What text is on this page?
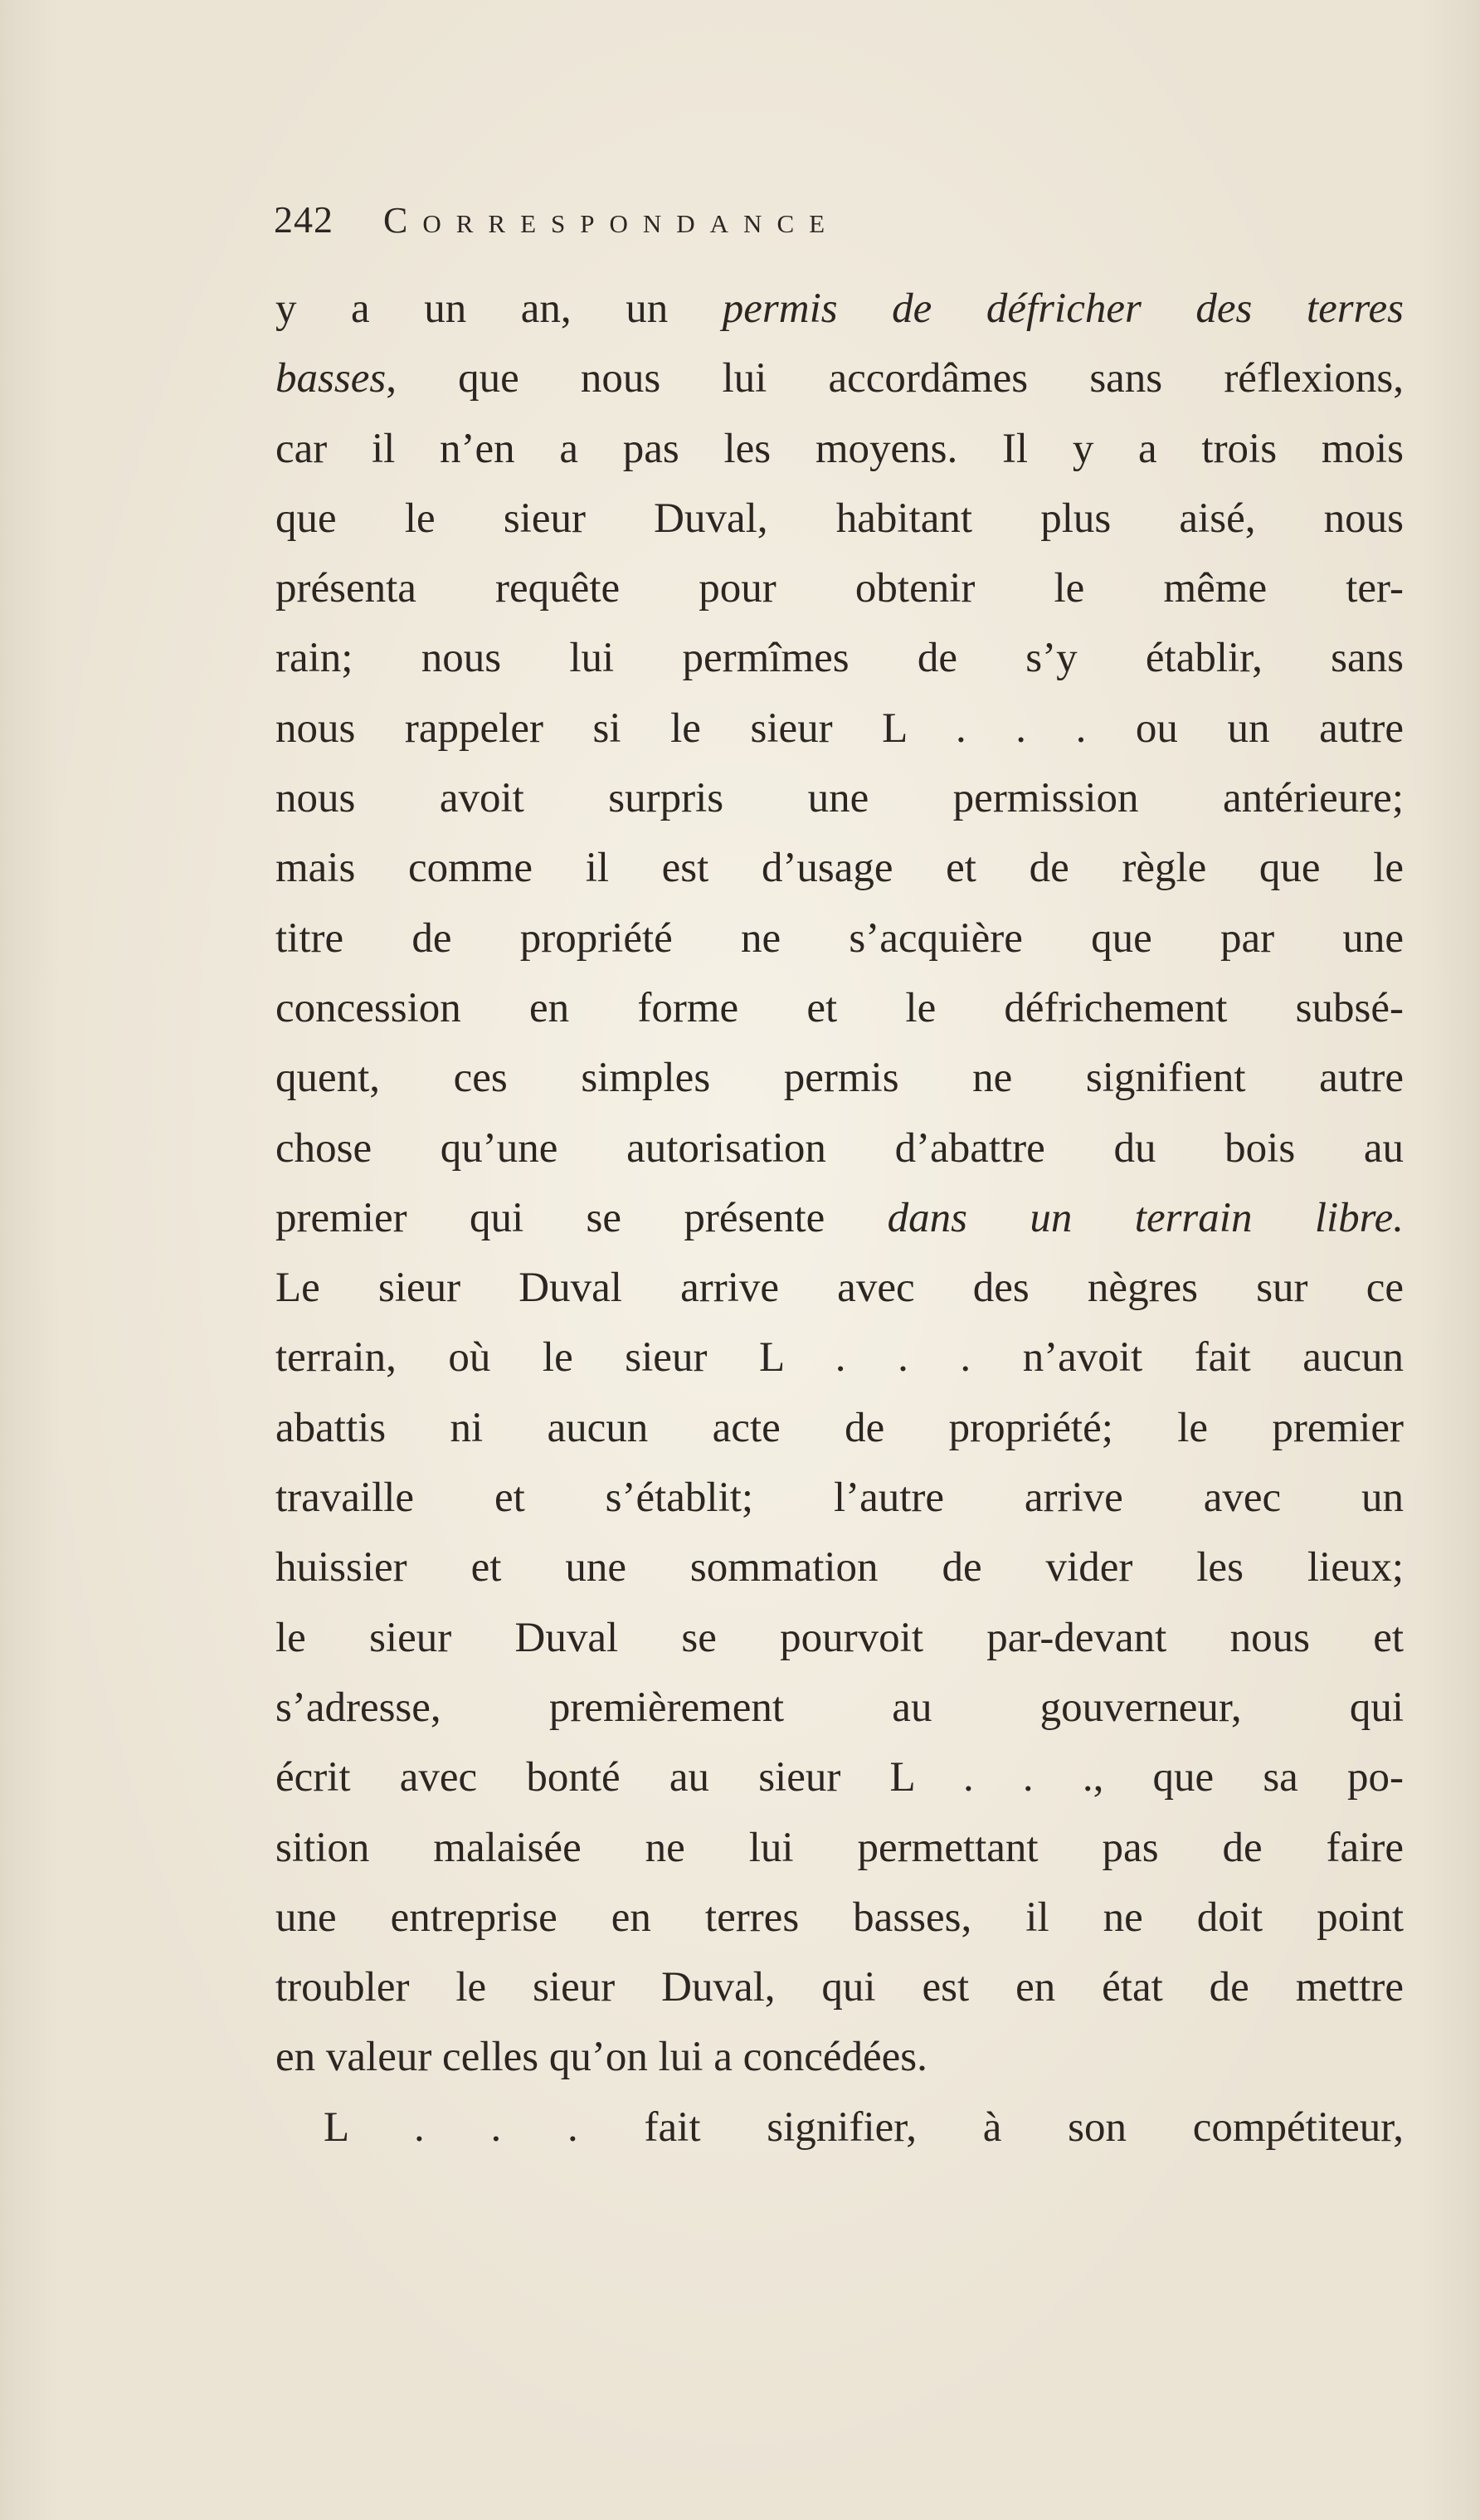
242 Correspondance
y a un an, un permis de défricher des terres
basses, que nous lui accordâmes sans réflexions,
car il n’en a pas les moyens. Il y a trois mois
que le sieur Duval, habitant plus aisé, nous
présenta requête pour obtenir le même ter-
rain; nous lui permîmes de s’y établir, sans
nous rappeler si le sieur L . . . ou un autre
nous avoit surpris une permission antérieure;
mais comme il est d’usage et de règle que le
titre de propriété ne s’acquière que par une
concession en forme et le défrichement subsé-
quent, ces simples permis ne signifient autre
chose qu’une autorisation d’abattre du bois au
premier qui se présente dans un terrain libre.
Le sieur Duval arrive avec des nègres sur ce
terrain, où le sieur L . . . n’avoit fait aucun
abattis ni aucun acte de propriété; le premier
travaille et s’établit; l’autre arrive avec un
huissier et une sommation de vider les lieux;
le sieur Duval se pourvoit par-devant nous et
s’adresse, premièrement au gouverneur, qui
écrit avec bonté au sieur L . . ., que sa po-
sition malaisée ne lui permettant pas de faire
une entreprise en terres basses, il ne doit point
troubler le sieur Duval, qui est en état de mettre
en valeur celles qu’on lui a concédées.
L . . . fait signifier, à son compétiteur,
